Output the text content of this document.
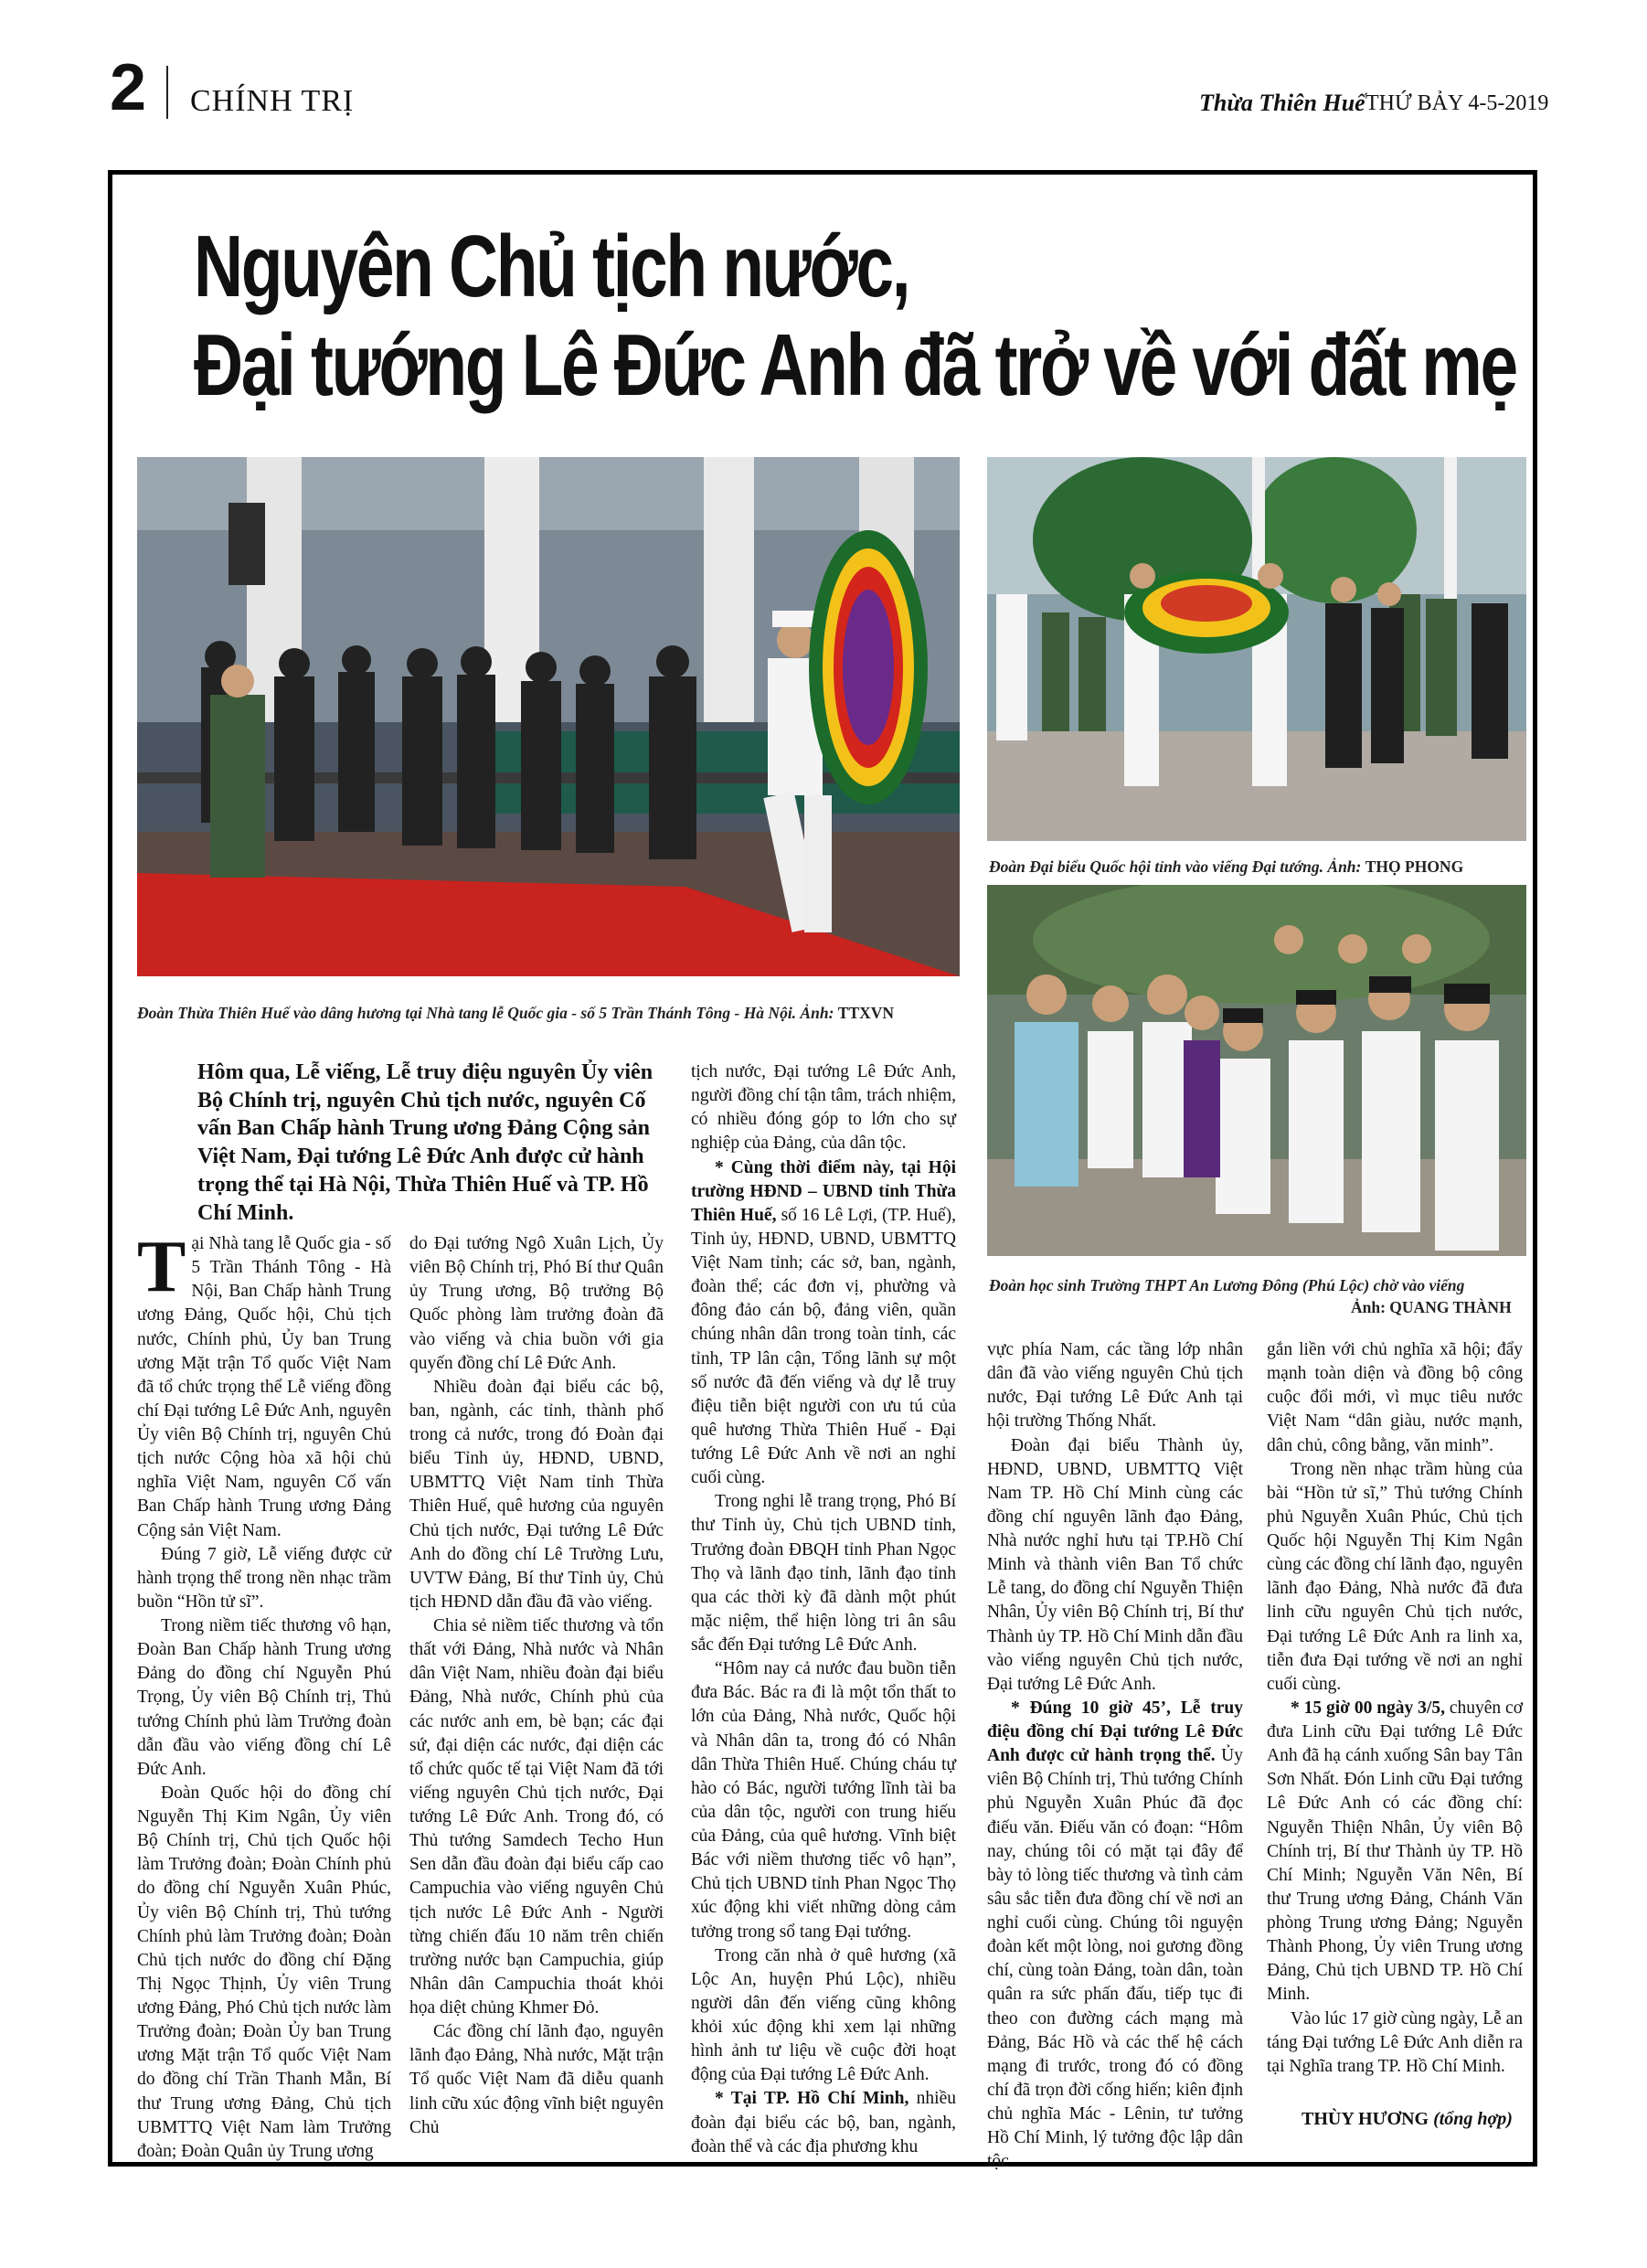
2 CHÍNH TRỊ	Thừa Thiên Huế THỨ BẢY 4-5-2019
Nguyên Chủ tịch nước,
Đại tướng Lê Đức Anh đã trở về với đất mẹ
Đoàn Thừa Thiên Huế vào dâng hương tại Nhà tang lễ Quốc gia - số 5 Trần Thánh Tông - Hà Nội. Ảnh: TTXVN
Đoàn Đại biểu Quốc hội tỉnh vào viếng Đại tướng. Ảnh: THỌ PHONG
Đoàn học sinh Trường THPT An Lương Đông (Phú Lộc) chờ vào viếng
Ảnh: QUANG THÀNH
Hôm qua, Lễ viếng, Lễ truy điệu nguyên Ủy viên Bộ Chính trị, nguyên Chủ tịch nước, nguyên Cố vấn Ban Chấp hành Trung ương Đảng Cộng sản Việt Nam, Đại tướng Lê Đức Anh được cử hành trọng thể tại Hà Nội, Thừa Thiên Huế và TP. Hồ Chí Minh.

Tại Nhà tang lễ Quốc gia - số 5 Trần Thánh Tông - Hà Nội, Ban Chấp hành Trung ương Đảng, Quốc hội, Chủ tịch nước, Chính phủ, Ủy ban Trung ương Mặt trận Tổ quốc Việt Nam đã tổ chức trọng thể Lễ viếng đồng chí Đại tướng Lê Đức Anh, nguyên Ủy viên Bộ Chính trị, nguyên Chủ tịch nước Cộng hòa xã hội chủ nghĩa Việt Nam, nguyên Cố vấn Ban Chấp hành Trung ương Đảng Cộng sản Việt Nam.

Đúng 7 giờ, Lễ viếng được cử hành trọng thể trong nền nhạc trầm buồn “Hồn tử sĩ”.

Trong niềm tiếc thương vô hạn, Đoàn Ban Chấp hành Trung ương Đảng do đồng chí Nguyễn Phú Trọng, Ủy viên Bộ Chính trị, Thủ tướng Chính phủ làm Trưởng đoàn dẫn đầu vào viếng đồng chí Lê Đức Anh.

Đoàn Quốc hội do đồng chí Nguyễn Thị Kim Ngân, Ủy viên Bộ Chính trị, Chủ tịch Quốc hội làm Trưởng đoàn; Đoàn Chính phủ do đồng chí Nguyễn Xuân Phúc, Ủy viên Bộ Chính trị, Thủ tướng Chính phủ làm Trưởng đoàn; Đoàn Chủ tịch nước do đồng chí Đặng Thị Ngọc Thịnh, Ủy viên Trung ương Đảng, Phó Chủ tịch nước làm Trưởng đoàn; Đoàn Ủy ban Trung ương Mặt trận Tổ quốc Việt Nam do đồng chí Trần Thanh Mẫn, Bí thư Trung ương Đảng, Chủ tịch UBMTTQ Việt Nam làm Trưởng đoàn; Đoàn Quân ủy Trung ương

do Đại tướng Ngô Xuân Lịch, Ủy viên Bộ Chính trị, Phó Bí thư Quân ủy Trung ương, Bộ trưởng Bộ Quốc phòng làm trưởng đoàn đã vào viếng và chia buồn với gia quyến đồng chí Lê Đức Anh.

Nhiều đoàn đại biểu các bộ, ban, ngành, các tỉnh, thành phố trong cả nước, trong đó Đoàn đại biểu Tỉnh ủy, HĐND, UBND, UBMTTQ Việt Nam tỉnh Thừa Thiên Huế, quê hương của nguyên Chủ tịch nước, Đại tướng Lê Đức Anh do đồng chí Lê Trường Lưu, UVTW Đảng, Bí thư Tỉnh ủy, Chủ tịch HĐND dẫn đầu đã vào viếng.

Chia sẻ niềm tiếc thương và tổn thất với Đảng, Nhà nước và Nhân dân Việt Nam, nhiều đoàn đại biểu Đảng, Nhà nước, Chính phủ của các nước anh em, bè bạn; các đại sứ, đại diện các nước, đại diện các tổ chức quốc tế tại Việt Nam đã tới viếng nguyên Chủ tịch nước, Đại tướng Lê Đức Anh. Trong đó, có Thủ tướng Samdech Techo Hun Sen dẫn đầu đoàn đại biểu cấp cao Campuchia vào viếng nguyên Chủ tịch nước Lê Đức Anh - Người từng chiến đấu 10 năm trên chiến trường nước bạn Campuchia, giúp Nhân dân Campuchia thoát khỏi họa diệt chủng Khmer Đỏ.

Các đồng chí lãnh đạo, nguyên lãnh đạo Đảng, Nhà nước, Mặt trận Tổ quốc Việt Nam đã diễu quanh linh cữu xúc động vĩnh biệt nguyên Chủ

tịch nước, Đại tướng Lê Đức Anh, người đồng chí tận tâm, trách nhiệm, có nhiều đóng góp to lớn cho sự nghiệp của Đảng, của dân tộc.

* Cùng thời điểm này, tại Hội trường HĐND – UBND tỉnh Thừa Thiên Huế, số 16 Lê Lợi, (TP. Huế), Tỉnh ủy, HĐND, UBND, UBMTTQ Việt Nam tỉnh; các sở, ban, ngành, đoàn thể; các đơn vị, phường và đông đảo cán bộ, đảng viên, quần chúng nhân dân trong toàn tỉnh, các tỉnh, TP lân cận, Tổng lãnh sự một số nước đã đến viếng và dự lễ truy điệu tiễn biệt người con ưu tú của quê hương Thừa Thiên Huế - Đại tướng Lê Đức Anh về nơi an nghỉ cuối cùng.

Trong nghi lễ trang trọng, Phó Bí thư Tỉnh ủy, Chủ tịch UBND tỉnh, Trưởng đoàn ĐBQH tỉnh Phan Ngọc Thọ và lãnh đạo tỉnh, lãnh đạo tỉnh qua các thời kỳ đã dành một phút mặc niệm, thể hiện lòng tri ân sâu sắc đến Đại tướng Lê Đức Anh.

“Hôm nay cả nước đau buồn tiễn đưa Bác. Bác ra đi là một tổn thất to lớn của Đảng, Nhà nước, Quốc hội và Nhân dân ta, trong đó có Nhân dân Thừa Thiên Huế. Chúng cháu tự hào có Bác, người tướng lĩnh tài ba của dân tộc, người con trung hiếu của Đảng, của quê hương. Vĩnh biệt Bác với niềm thương tiếc vô hạn”, Chủ tịch UBND tỉnh Phan Ngọc Thọ xúc động khi viết những dòng cảm tưởng trong sổ tang Đại tướng.

Trong căn nhà ở quê hương (xã Lộc An, huyện Phú Lộc), nhiều người dân đến viếng cũng không khỏi xúc động khi xem lại những hình ảnh tư liệu về cuộc đời hoạt động của Đại tướng Lê Đức Anh.

* Tại TP. Hồ Chí Minh, nhiều đoàn đại biểu các bộ, ban, ngành, đoàn thể và các địa phương khu

vực phía Nam, các tầng lớp nhân dân đã vào viếng nguyên Chủ tịch nước, Đại tướng Lê Đức Anh tại hội trường Thống Nhất.

Đoàn đại biểu Thành ủy, HĐND, UBND, UBMTTQ Việt Nam TP. Hồ Chí Minh cùng các đồng chí nguyên lãnh đạo Đảng, Nhà nước nghỉ hưu tại TP.Hồ Chí Minh và thành viên Ban Tổ chức Lễ tang, do đồng chí Nguyễn Thiện Nhân, Ủy viên Bộ Chính trị, Bí thư Thành ủy TP. Hồ Chí Minh dẫn đầu vào viếng nguyên Chủ tịch nước, Đại tướng Lê Đức Anh.

* Đúng 10 giờ 45’, Lễ truy điệu đồng chí Đại tướng Lê Đức Anh được cử hành trọng thể. Ủy viên Bộ Chính trị, Thủ tướng Chính phủ Nguyễn Xuân Phúc đã đọc điếu văn. Điếu văn có đoạn: “Hôm nay, chúng tôi có mặt tại đây để bày tỏ lòng tiếc thương và tình cảm sâu sắc tiễn đưa đồng chí về nơi an nghỉ cuối cùng. Chúng tôi nguyện đoàn kết một lòng, noi gương đồng chí, cùng toàn Đảng, toàn dân, toàn quân ra sức phấn đấu, tiếp tục đi theo con đường cách mạng mà Đảng, Bác Hồ và các thế hệ cách mạng đi trước, trong đó có đồng chí đã trọn đời cống hiến; kiên định chủ nghĩa Mác - Lênin, tư tưởng Hồ Chí Minh, lý tưởng độc lập dân tộc

gắn liền với chủ nghĩa xã hội; đẩy mạnh toàn diện và đồng bộ công cuộc đổi mới, vì mục tiêu nước Việt Nam “dân giàu, nước mạnh, dân chủ, công bằng, văn minh”.

Trong nền nhạc trầm hùng của bài “Hồn tử sĩ,” Thủ tướng Chính phủ Nguyễn Xuân Phúc, Chủ tịch Quốc hội Nguyễn Thị Kim Ngân cùng các đồng chí lãnh đạo, nguyên lãnh đạo Đảng, Nhà nước đã đưa linh cữu nguyên Chủ tịch nước, Đại tướng Lê Đức Anh ra linh xa, tiễn đưa Đại tướng về nơi an nghỉ cuối cùng.

* 15 giờ 00 ngày 3/5, chuyên cơ đưa Linh cữu Đại tướng Lê Đức Anh đã hạ cánh xuống Sân bay Tân Sơn Nhất. Đón Linh cữu Đại tướng Lê Đức Anh có các đồng chí: Nguyễn Thiện Nhân, Ủy viên Bộ Chính trị, Bí thư Thành ủy TP. Hồ Chí Minh; Nguyễn Văn Nên, Bí thư Trung ương Đảng, Chánh Văn phòng Trung ương Đảng; Nguyễn Thành Phong, Ủy viên Trung ương Đảng, Chủ tịch UBND TP. Hồ Chí Minh.

Vào lúc 17 giờ cùng ngày, Lễ an táng Đại tướng Lê Đức Anh diễn ra tại Nghĩa trang TP. Hồ Chí Minh.

THÙY HƯƠNG (tổng hợp)
